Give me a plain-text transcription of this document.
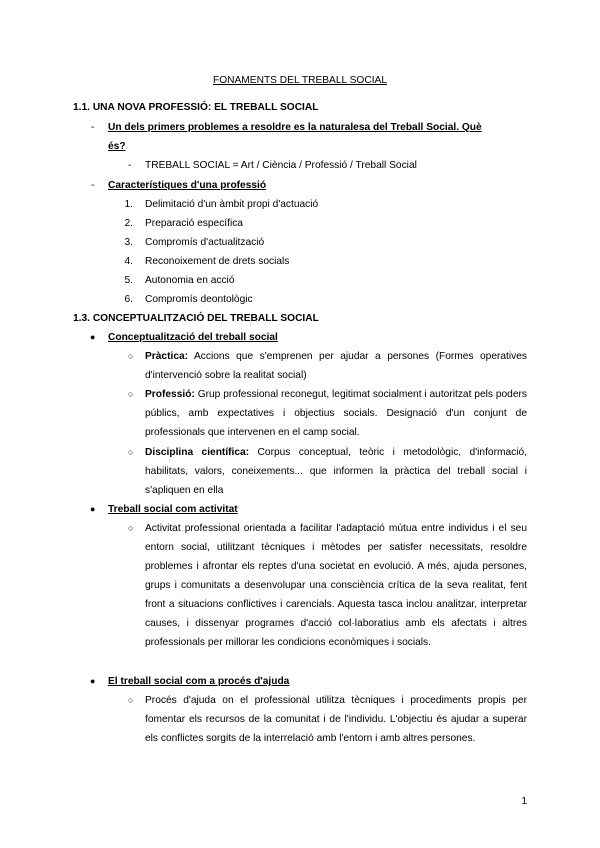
FONAMENTS DEL TREBALL SOCIAL
1.1. UNA NOVA PROFESSIÓ: EL TREBALL SOCIAL
- Un dels primers problemes a resoldre es la naturalesa del Treball Social. Què
és?
- TREBALL SOCIAL = Art / Ciència / Professió / Treball Social
- Característiques d'una professió
1. Delimitació d'un àmbit propi d'actuació
2. Preparació específica
3. Compromís d'actualització
4. Reconoixement de drets socials
5. Autonomia en acció
6. Compromís deontològic
1.3. CONCEPTUALITZACIÓ DEL TREBALL SOCIAL
● Conceptualització del treball social
○ Pràctica: Accions que s'emprenen per ajudar a persones (Formes operatives d'intervenció sobre la realitat social)
○ Professió: Grup professional reconegut, legitimat socialment i autoritzat pels poders públics, amb expectatives i objectius socials. Designació d'un conjunt de professionals que intervenen en el camp social.
○ Disciplina científica: Corpus conceptual, teòric i metodològic, d'informació, habilitats, valors, coneixements... que informen la pràctica del treball social i s'apliquen en ella
● Treball social com activitat
○ Activitat professional orientada a facilitar l'adaptació mútua entre individus i el seu entorn social, utilitzant tècniques i mètodes per satisfer necessitats, resoldre problemes i afrontar els reptes d'una societat en evolució. A més, ajuda persones, grups i comunitats a desenvolupar una consciència crítica de la seva realitat, fent front a situacions conflictives i carencials. Aquesta tasca inclou analitzar, interpretar causes, i dissenyar programes d'acció col·laboratius amb els afectats i altres professionals per millorar les condicions econòmiques i socials.
● El treball social com a procés d'ajuda
○ Procés d'ajuda on el professional utilitza tècniques i procediments propis per fomentar els recursos de la comunitat i de l'individu. L'objectiu és ajudar a superar els conflictes sorgits de la interrelació amb l'entorn i amb altres persones.
1
